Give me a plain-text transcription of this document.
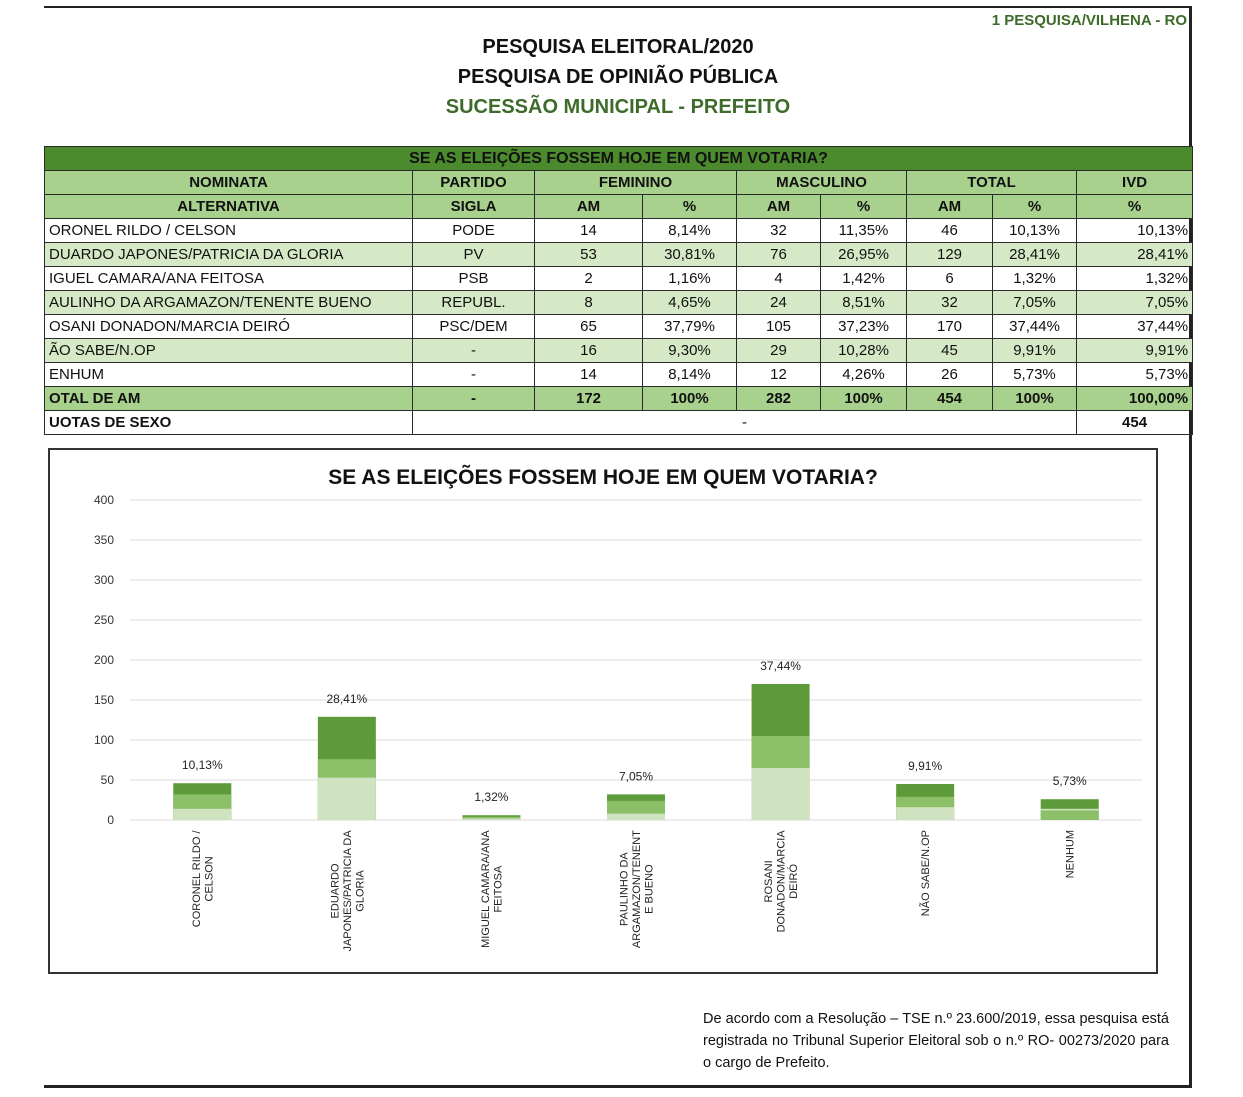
1 PESQUISA/VILHENA - RO
PESQUISA ELEITORAL/2020
PESQUISA DE OPINIÃO PÚBLICA
SUCESSÃO MUNICIPAL - PREFEITO
SE AS ELEIÇÕES FOSSEM HOJE EM QUEM VOTARIA?								
NOMINATA	PARTIDO	FEMININO		MASCULINO		TOTAL		IVD
ALTERNATIVA	SIGLA	AM	%	AM	%	AM	%	%
ORONEL RILDO / CELSON	PODE	14	8,14%	32	11,35%	46	10,13%	10,13%
DUARDO JAPONES/PATRICIA DA GLORIA	PV	53	30,81%	76	26,95%	129	28,41%	28,41%
IGUEL CAMARA/ANA FEITOSA	PSB	2	1,16%	4	1,42%	6	1,32%	1,32%
AULINHO DA ARGAMAZON/TENENTE BUENO	REPUBL.	8	4,65%	24	8,51%	32	7,05%	7,05%
OSANI DONADON/MARCIA DEIRÓ	PSC/DEM	65	37,79%	105	37,23%	170	37,44%	37,44%
ÃO SABE/N.OP	-	16	9,30%	29	10,28%	45	9,91%	9,91%
ENHUM	-	14	8,14%	12	4,26%	26	5,73%	5,73%
OTAL DE AM	-	172	100%	282	100%	454	100%	100,00%
UOTAS DE SEXO	-							454
SE AS ELEIÇÕES FOSSEM HOJE EM QUEM VOTARIA?
0
50
100
150
200
250
300
350
400
10,13%
CORONEL RILDO /CELSON
28,41%
EDUARDOJAPONES/PATRICIA DAGLORIA
1,32%
MIGUEL CAMARA/ANAFEITOSA
7,05%
PAULINHO DAARGAMAZON/TENENTE BUENO
37,44%
ROSANIDONADON/MARCIADEIRÓ
9,91%
NÃO SABE/N.OP
5,73%
NENHUM
De acordo com a Resolução – TSE n.º 23.600/2019, essa pesquisa está registrada no Tribunal Superior Eleitoral sob o n.º RO- 00273/2020 para o cargo de Prefeito.
